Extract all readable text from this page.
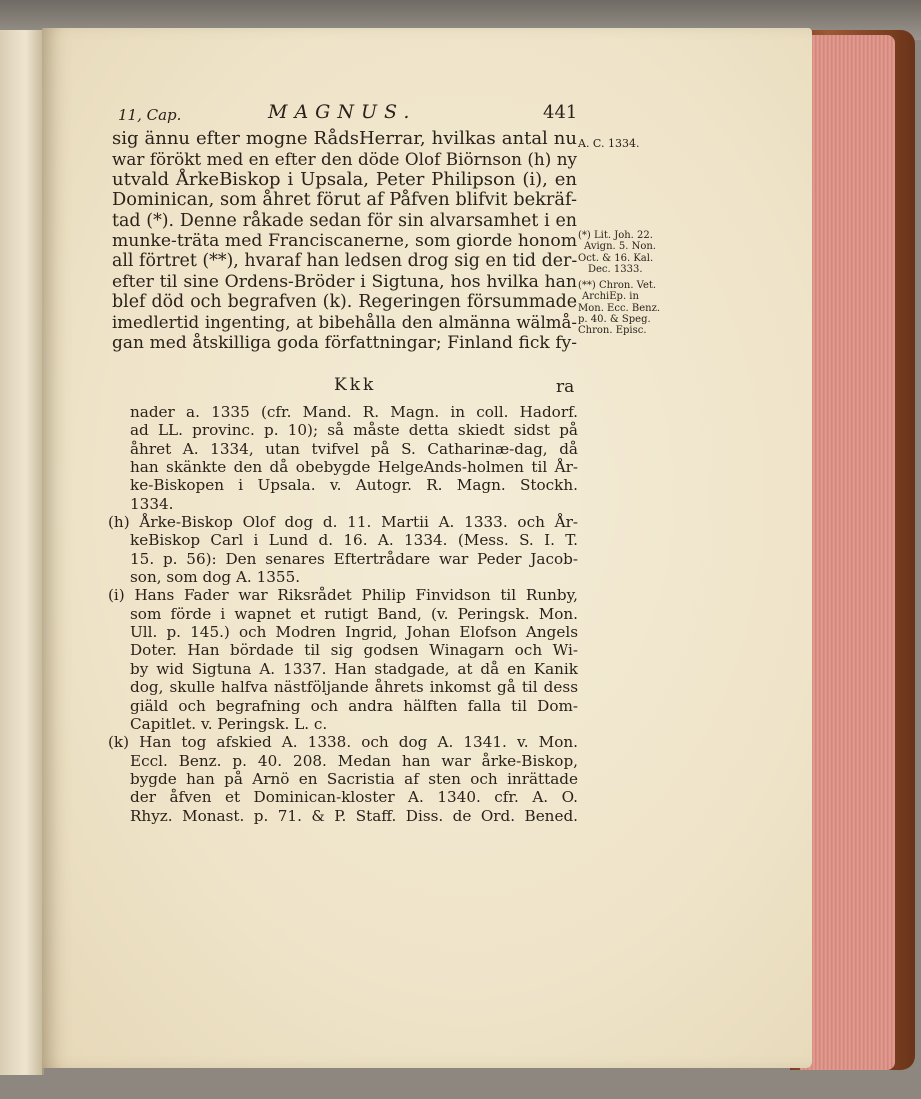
11, Cap.	MAGNUS.	441
sig ännu efter mogne RådsHerrar, hvilkas antal nu
war förökt med en efter den döde Olof Biörnson (h) ny
utvald ÅrkeBiskop i Upsala, Peter Philipson (i), en
Dominican, som åhret förut af Påfven blifvit bekräf-
tad (*). Denne råkade sedan för sin alvarsamhet i en
munke-träta med Franciscanerne, som giorde honom
all förtret (**), hvaraf han ledsen drog sig en tid der-
efter til sine Ordens-Bröder i Sigtuna, hos hvilka han
blef död och begrafven (k). Regeringen försummade
imedlertid ingenting, at bibehålla den almänna wälmå-
gan med åtskilliga goda författningar; Finland fick fy-
A. C. 1334.
(*) Lit. Joh. 22.
Avign. 5. Non.
Oct. & 16. Kal.
Dec. 1333.
(**) Chron. Vet.
ArchiEp. in
Mon. Ecc. Benz.
p. 40. & Speg.
Chron. Episc.
Kkk	ra
nader a. 1335 (cfr. Mand. R. Magn. in coll. Hadorf.
ad LL. provinc. p. 10); så måste detta skiedt sidst på
åhret A. 1334, utan tvifvel på S. Catharinæ-dag, då
han skänkte den då obebygde HelgeAnds-holmen til År-
ke-Biskopen i Upsala. v. Autogr. R. Magn. Stockh.
1334.
(h) Årke-Biskop Olof dog d. 11. Martii A. 1333. och År-
keBiskop Carl i Lund d. 16. A. 1334. (Mess. S. I. T.
15. p. 56): Den senares Eftertrådare war Peder Jacob-
son, som dog A. 1355.
(i) Hans Fader war Riksrådet Philip Finvidson til Runby,
som förde i wapnet et rutigt Band, (v. Peringsk. Mon.
Ull. p. 145.) och Modren Ingrid, Johan Elofson Angels
Doter. Han bördade til sig godsen Winagarn och Wi-
by wid Sigtuna A. 1337. Han stadgade, at då en Kanik
dog, skulle halfva nästföljande åhrets inkomst gå til dess
giäld och begrafning och andra hälften falla til Dom-
Capitlet. v. Peringsk. L. c.
(k) Han tog afskied A. 1338. och dog A. 1341. v. Mon.
Eccl. Benz. p. 40. 208. Medan han war årke-Biskop,
bygde han på Arnö en Sacristia af sten och inrättade
der åfven et Dominican-kloster A. 1340. cfr. A. O.
Rhyz. Monast. p. 71. & P. Staff. Diss. de Ord. Bened.
